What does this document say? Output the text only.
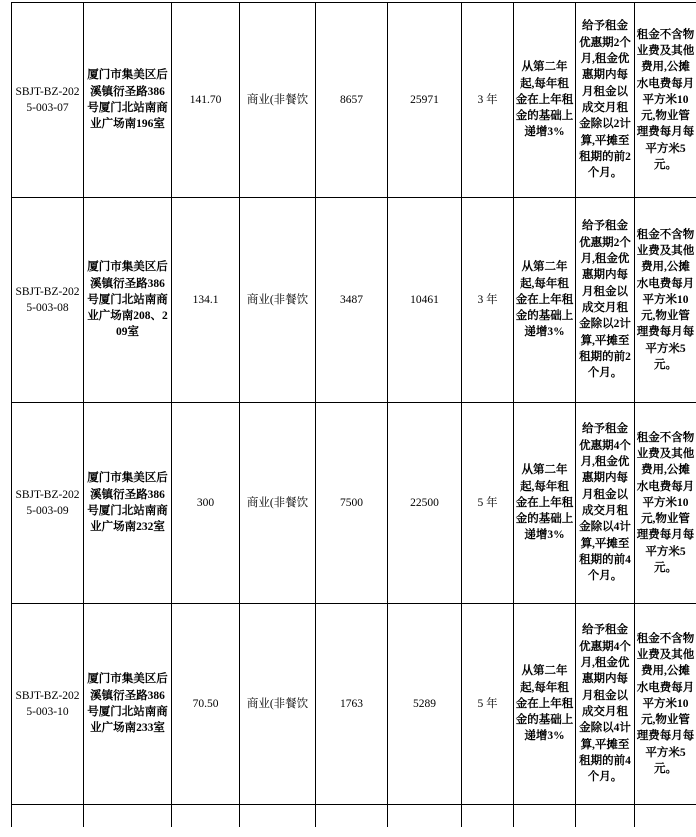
SBJT-BZ-2025-003-07	厦门市集美区后溪镇衍圣路386号厦门北站南商业广场南196室	141.70	商业(非餐饮	8657	25971	3 年	从第二年起,每年租金在上年租金的基础上递增3%	给予租金优惠期2个月,租金优惠期内每月租金以成交月租金除以2计算,平摊至租期的前2个月。	租金不含物业费及其他费用,公摊水电费每月平方米10元,物业管理费每月每平方米5元。
SBJT-BZ-2025-003-08	厦门市集美区后溪镇衍圣路386号厦门北站南商业广场南208、209室	134.1	商业(非餐饮	3487	10461	3 年	从第二年起,每年租金在上年租金的基础上递增3%	给予租金优惠期2个月,租金优惠期内每月租金以成交月租金除以2计算,平摊至租期的前2个月。	租金不含物业费及其他费用,公摊水电费每月平方米10元,物业管理费每月每平方米5元。
SBJT-BZ-2025-003-09	厦门市集美区后溪镇衍圣路386号厦门北站南商业广场南232室	300	商业(非餐饮	7500	22500	5 年	从第二年起,每年租金在上年租金的基础上递增3%	给予租金优惠期4个月,租金优惠期内每月租金以成交月租金除以4计算,平摊至租期的前4个月。	租金不含物业费及其他费用,公摊水电费每月平方米10元,物业管理费每月每平方米5元。
SBJT-BZ-2025-003-10	厦门市集美区后溪镇衍圣路386号厦门北站南商业广场南233室	70.50	商业(非餐饮	1763	5289	5 年	从第二年起,每年租金在上年租金的基础上递增3%	给予租金优惠期4个月,租金优惠期内每月租金以成交月租金除以4计算,平摊至租期的前4个月。	租金不含物业费及其他费用,公摊水电费每月平方米10元,物业管理费每月每平方米5元。
